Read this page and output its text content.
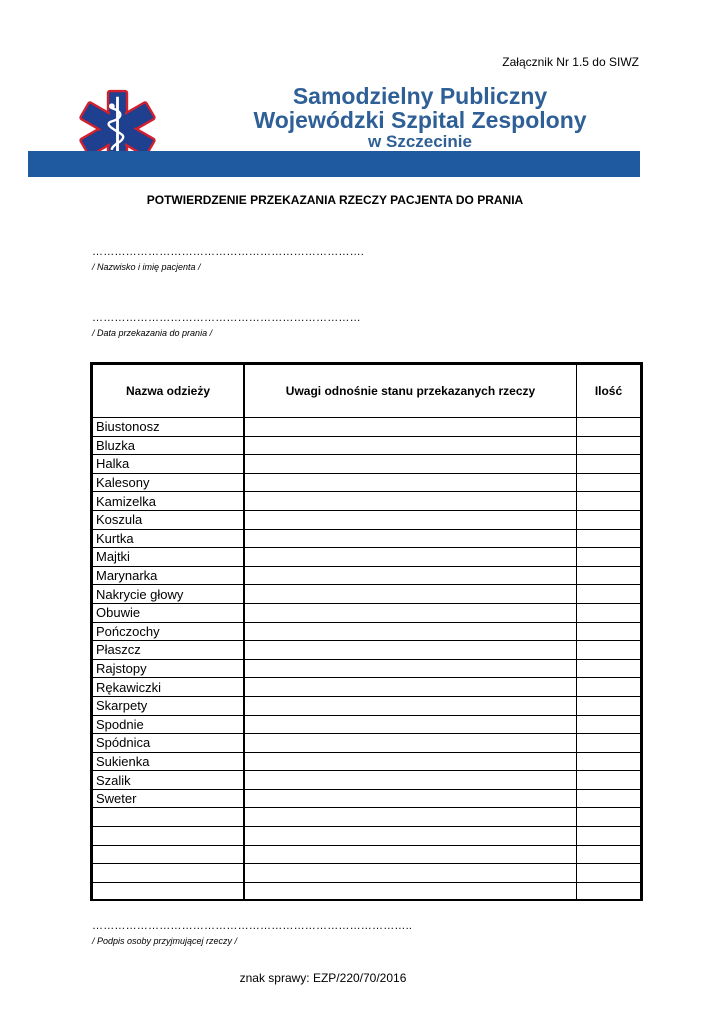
Załącznik Nr 1.5 do SIWZ
Samodzielny Publiczny
Wojewódzki Szpital Zespolony
w Szczecinie
POTWIERDZENIE PRZEKAZANIA RZECZY PACJENTA DO PRANIA
……………………………………………………………….
/ Nazwisko i imię pacjenta /
………………………………………………………………
/ Data przekazania do prania /
Nazwa odzieży	Uwagi odnośnie stanu przekazanych rzeczy	Ilość
Biustonosz		
Bluzka		
Halka		
Kalesony		
Kamizelka		
Koszula		
Kurtka		
Majtki		
Marynarka		
Nakrycie głowy		
Obuwie		
Pończochy		
Płaszcz		
Rajstopy		
Rękawiczki		
Skarpety		
Spodnie		
Spódnica		
Sukienka		
Szalik		
Sweter		

…………………………………………………………………………..
/ Podpis osoby przyjmującej rzeczy /
znak sprawy: EZP/220/70/2016
